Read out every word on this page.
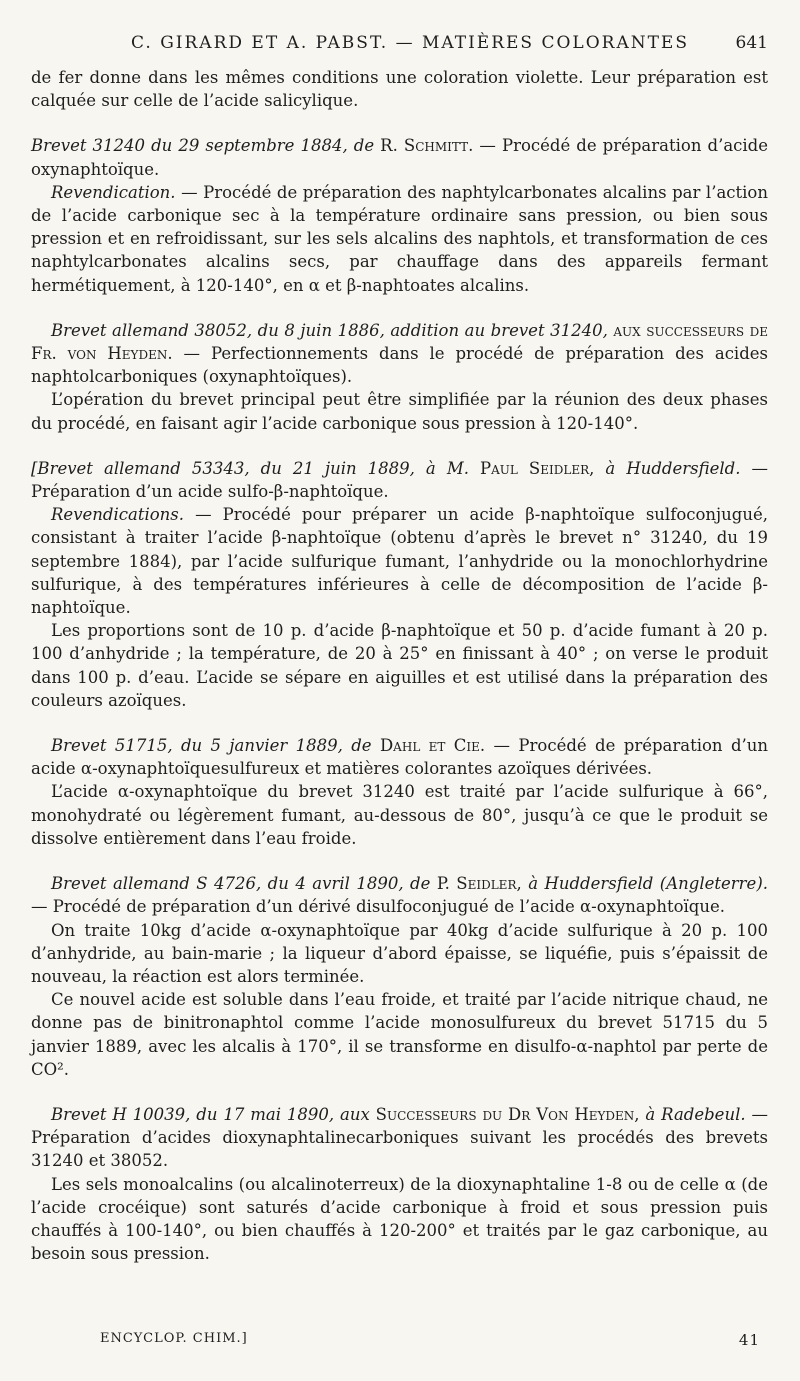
C. GIRARD ET A. PABST. — MATIÈRES COLORANTES	641

de fer donne dans les mêmes conditions une coloration violette. Leur préparation est calquée sur celle de l’acide salicylique.

Brevet 31240 du 29 septembre 1884, de R. Schmitt. — Procédé de préparation d’acide oxynaphtoïque.

Revendication. — Procédé de préparation des naphtylcarbonates alcalins par l’action de l’acide carbonique sec à la température ordinaire sans pression, ou bien sous pression et en refroidissant, sur les sels alcalins des naphtols, et transformation de ces naphtylcarbonates alcalins secs, par chauffage dans des appareils fermant hermétiquement, à 120-140°, en α et β-naphtoates alcalins.

Brevet allemand 38052, du 8 juin 1886, addition au brevet 31240, aux successeurs de Fr. von Heyden. — Perfectionnements dans le procédé de préparation des acides naphtolcarboniques (oxynaphtoïques).

L’opération du brevet principal peut être simplifiée par la réunion des deux phases du procédé, en faisant agir l’acide carbonique sous pression à 120-140°.

[Brevet allemand 53343, du 21 juin 1889, à M. Paul Seidler, à Huddersfield. — Préparation d’un acide sulfo-β-naphtoïque.

Revendications. — Procédé pour préparer un acide β-naphtoïque sulfoconjugué, consistant à traiter l’acide β-naphtoïque (obtenu d’après le brevet n° 31240, du 19 septembre 1884), par l’acide sulfurique fumant, l’anhydride ou la monochlorhydrine sulfurique, à des températures inférieures à celle de décomposition de l’acide β-naphtoïque.

Les proportions sont de 10 p. d’acide β-naphtoïque et 50 p. d’acide fumant à 20 p. 100 d’anhydride ; la température, de 20 à 25° en finissant à 40° ; on verse le produit dans 100 p. d’eau. L’acide se sépare en aiguilles et est utilisé dans la préparation des couleurs azoïques.

Brevet 51715, du 5 janvier 1889, de Dahl et Cie. — Procédé de préparation d’un acide α-oxynaphtoïquesulfureux et matières colorantes azoïques dérivées.

L’acide α-oxynaphtoïque du brevet 31240 est traité par l’acide sulfurique à 66°, monohydraté ou légèrement fumant, au-dessous de 80°, jusqu’à ce que le produit se dissolve entièrement dans l’eau froide.

Brevet allemand S 4726, du 4 avril 1890, de P. Seidler, à Huddersfield (Angleterre). — Procédé de préparation d’un dérivé disulfoconjugué de l’acide α-oxynaphtoïque.

On traite 10kg d’acide α-oxynaphtoïque par 40kg d’acide sulfurique à 20 p. 100 d’anhydride, au bain-marie ; la liqueur d’abord épaisse, se liquéfie, puis s’épaissit de nouveau, la réaction est alors terminée.

Ce nouvel acide est soluble dans l’eau froide, et traité par l’acide nitrique chaud, ne donne pas de binitronaphtol comme l’acide monosulfureux du brevet 51715 du 5 janvier 1889, avec les alcalis à 170°, il se transforme en disulfo-α-naphtol par perte de CO².

Brevet H 10039, du 17 mai 1890, aux Successeurs du Dr Von Heyden, à Radebeul. — Préparation d’acides dioxynaphtalinecarboniques suivant les procédés des brevets 31240 et 38052.

Les sels monoalcalins (ou alcalinoterreux) de la dioxynaphtaline 1-8 ou de celle α (de l’acide crocéique) sont saturés d’acide carbonique à froid et sous pression puis chauffés à 100-140°, ou bien chauffés à 120-200° et traités par le gaz carbonique, au besoin sous pression.

ENCYCLOP. CHIM.]	41
